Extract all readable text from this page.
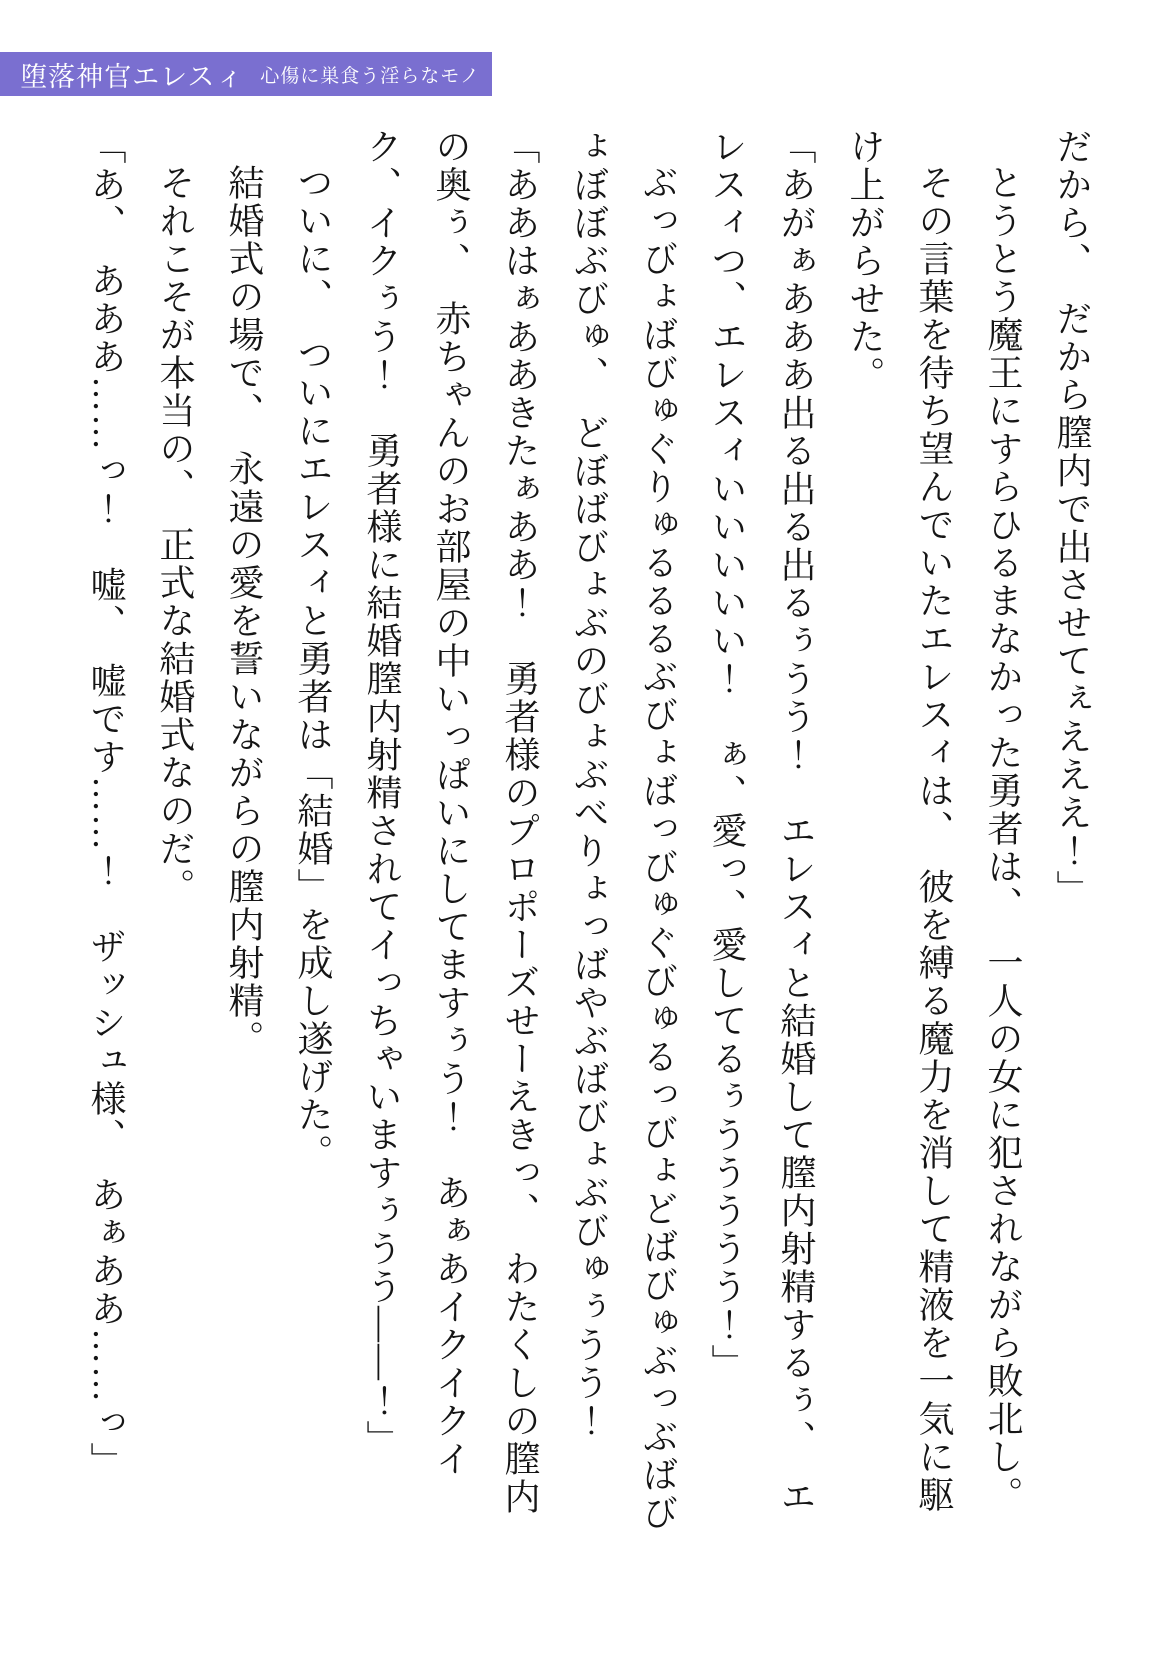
堕落神官エレスィ 心傷に巣食う淫らなモノ

だから、　だから膣内で出させてぇえええ！」

とうとう魔王にすらひるまなかった勇者は、　一人の女に犯されながら敗北し。

その言葉を待ち望んでいたエレスィは、　彼を縛る魔力を消して精液を一気に駆け上がらせた。

「あがぁあああ出る出る出るぅうう！　エレスィと結婚して膣内射精するぅ、　エレスィつ、エレスィいいいいい！　ぁ、愛っ、愛してるぅううううう！」

ぶっびょばびゅぐりゅるるるぶびょばっびゅぐびゅるっびょどばびゅぶっぶばびょぼぼぶびゅ、　どぼばびょぶのびょぶべりょっばやぶばびょぶびゅぅうう！

「ああはぁああきたぁああ！　勇者様のプロポーズせーえきっ、　わたくしの膣内の奥ぅ、　赤ちゃんのお部屋の中いっぱいにしてますぅう！　あぁあイクイクイク、イクぅう！　勇者様に結婚膣内射精されてイっちゃいますぅうう――！」

ついに、　ついにエレスィと勇者は「結婚」を成し遂げた。

結婚式の場で、　永遠の愛を誓いながらの膣内射精。

それこそが本当の、　正式な結婚式なのだ。

「あ、　あああ……っ！　嘘、　嘘です……！　ザッシュ様、　あぁああ……っ」
